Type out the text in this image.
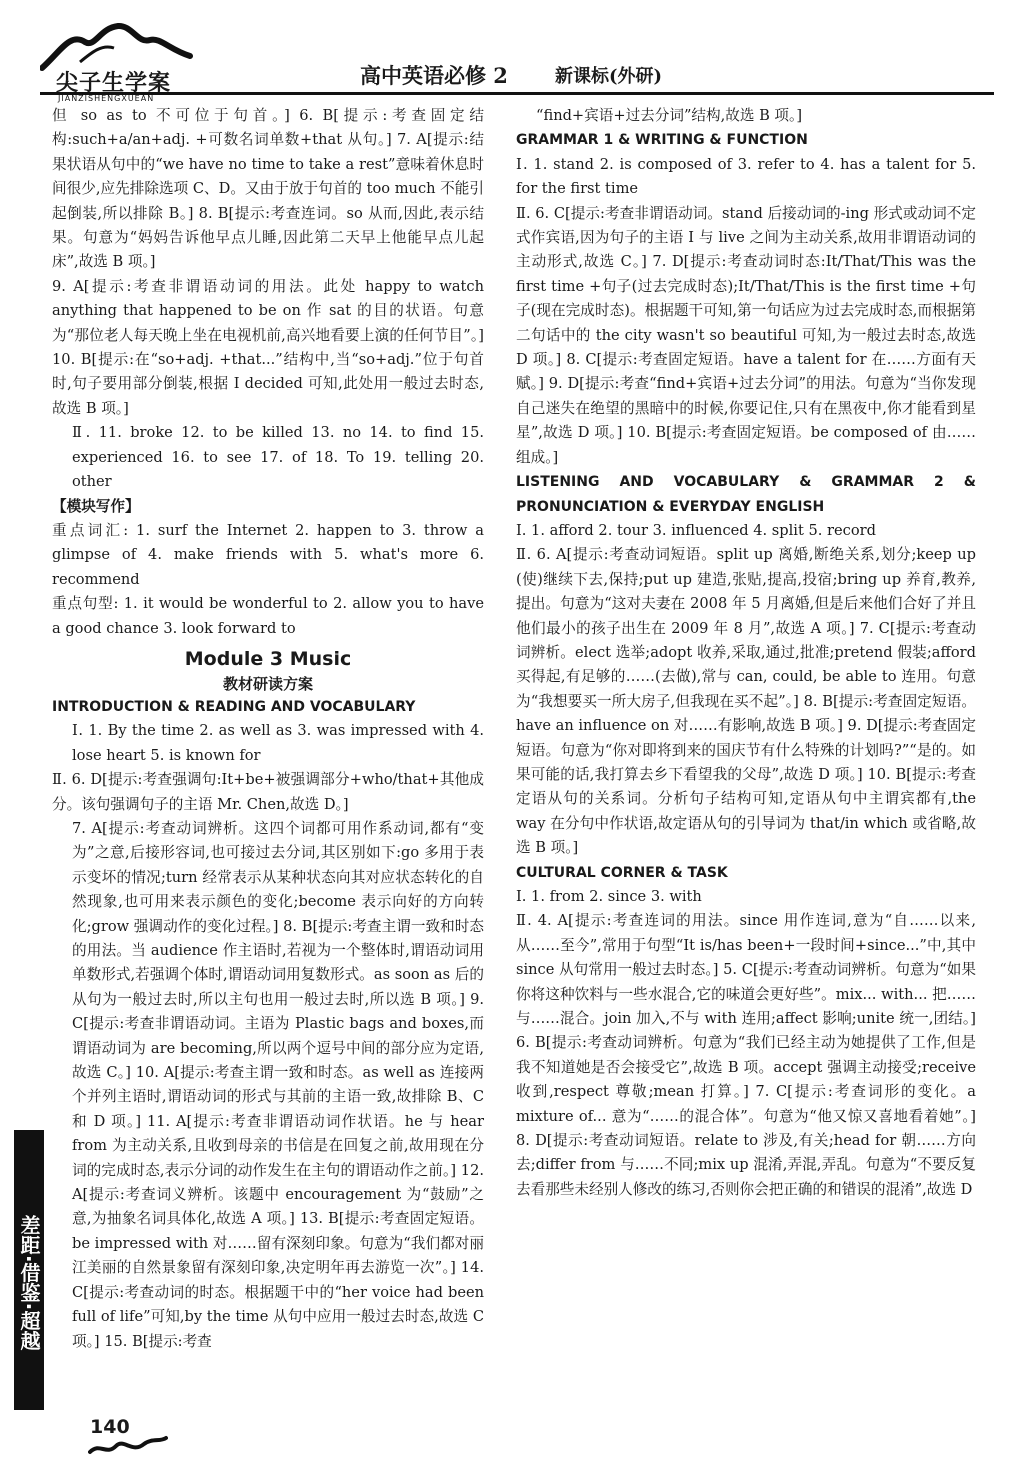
尖子生学案
JIANZISHENGXUEAN
高中英语必修 2	新课标(外研)

但 so as to 不可位于句首。] 6. B[提示:考查固定结构:such+a/an+adj. +可数名词单数+that 从句。] 7. A[提示:结果状语从句中的“we have no time to take a rest”意味着休息时间很少,应先排除选项 C、D。又由于放于句首的 too much 不能引起倒装,所以排除 B。] 8. B[提示:考查连词。so 从而,因此,表示结果。句意为“妈妈告诉他早点儿睡,因此第二天早上他能早点儿起床”,故选 B 项。]

9. A[提示:考查非谓语动词的用法。此处 happy to watch anything that happened to be on 作 sat 的目的状语。句意为“那位老人每天晚上坐在电视机前,高兴地看要上演的任何节目”。] 10. B[提示:在“so+adj. +that...”结构中,当“so+adj.”位于句首时,句子要用部分倒装,根据 I decided 可知,此处用一般过去时态,故选 B 项。]

Ⅱ. 11. broke 12. to be killed 13. no 14. to find 15. experienced 16. to see 17. of 18. To 19. telling 20. other

【模块写作】

重点词汇: 1. surf the Internet 2. happen to 3. throw a glimpse of 4. make friends with 5. what's more 6. recommend

重点句型: 1. it would be wonderful to 2. allow you to have a good chance 3. look forward to

Module 3 Music
教材研读方案

INTRODUCTION & READING AND VOCABULARY

Ⅰ. 1. By the time 2. as well as 3. was impressed with 4. lose heart 5. is known for

Ⅱ. 6. D[提示:考查强调句:It+be+被强调部分+who/that+其他成分。该句强调句子的主语 Mr. Chen,故选 D。]

7. A[提示:考查动词辨析。这四个词都可用作系动词,都有“变为”之意,后接形容词,也可接过去分词,其区别如下:go 多用于表示变坏的情况;turn 经常表示从某种状态向其对应状态转化的自然现象,也可用来表示颜色的变化;become 表示向好的方向转化;grow 强调动作的变化过程。] 8. B[提示:考查主谓一致和时态的用法。当 audience 作主语时,若视为一个整体时,谓语动词用单数形式,若强调个体时,谓语动词用复数形式。as soon as 后的从句为一般过去时,所以主句也用一般过去时,所以选 B 项。] 9. C[提示:考查非谓语动词。主语为 Plastic bags and boxes,而谓语动词为 are becoming,所以两个逗号中间的部分应为定语,故选 C。] 10. A[提示:考查主谓一致和时态。as well as 连接两个并列主语时,谓语动词的形式与其前的主语一致,故排除 B、C 和 D 项。] 11. A[提示:考查非谓语动词作状语。he 与 hear from 为主动关系,且收到母亲的书信是在回复之前,故用现在分词的完成时态,表示分词的动作发生在主句的谓语动作之前。] 12. A[提示:考查词义辨析。该题中 encouragement 为“鼓励”之意,为抽象名词具体化,故选 A 项。] 13. B[提示:考查固定短语。be impressed with 对……留有深刻印象。句意为“我们都对丽江美丽的自然景象留有深刻印象,决定明年再去游览一次”。] 14. C[提示:考查动词的时态。根据题干中的“her voice had been full of life”可知,by the time 从句中应用一般过去时态,故选 C 项。] 15. B[提示:考查

“find+宾语+过去分词”结构,故选 B 项。]

GRAMMAR 1 & WRITING & FUNCTION

Ⅰ. 1. stand 2. is composed of 3. refer to 4. has a talent for 5. for the first time

Ⅱ. 6. C[提示:考查非谓语动词。stand 后接动词的-ing 形式或动词不定式作宾语,因为句子的主语 I 与 live 之间为主动关系,故用非谓语动词的主动形式,故选 C。] 7. D[提示:考查动词时态:It/That/This was the first time +句子(过去完成时态);It/That/This is the first time +句子(现在完成时态)。根据题干可知,第一句话应为过去完成时态,而根据第二句话中的 the city wasn't so beautiful 可知,为一般过去时态,故选 D 项。] 8. C[提示:考查固定短语。have a talent for 在……方面有天赋。] 9. D[提示:考查“find+宾语+过去分词”的用法。句意为“当你发现自己迷失在绝望的黑暗中的时候,你要记住,只有在黑夜中,你才能看到星星”,故选 D 项。] 10. B[提示:考查固定短语。be composed of 由……组成。]

LISTENING AND VOCABULARY & GRAMMAR 2 & PRONUNCIATION & EVERYDAY ENGLISH

Ⅰ. 1. afford 2. tour 3. influenced 4. split 5. record

Ⅱ. 6. A[提示:考查动词短语。split up 离婚,断绝关系,划分;keep up (使)继续下去,保持;put up 建造,张贴,提高,投宿;bring up 养育,教养,提出。句意为“这对夫妻在 2008 年 5 月离婚,但是后来他们合好了并且他们最小的孩子出生在 2009 年 8 月”,故选 A 项。] 7. C[提示:考查动词辨析。elect 选举;adopt 收养,采取,通过,批准;pretend 假装;afford 买得起,有足够的……(去做),常与 can, could, be able to 连用。句意为“我想要买一所大房子,但我现在买不起”。] 8. B[提示:考查固定短语。have an influence on 对……有影响,故选 B 项。] 9. D[提示:考查固定短语。句意为“你对即将到来的国庆节有什么特殊的计划吗?”“是的。如果可能的话,我打算去乡下看望我的父母”,故选 D 项。] 10. B[提示:考查定语从句的关系词。分析句子结构可知,定语从句中主谓宾都有,the way 在分句中作状语,故定语从句的引导词为 that/in which 或省略,故选 B 项。]

CULTURAL CORNER & TASK

Ⅰ. 1. from 2. since 3. with

Ⅱ. 4. A[提示:考查连词的用法。since 用作连词,意为“自……以来,从……至今”,常用于句型“It is/has been+一段时间+since...”中,其中 since 从句常用一般过去时态。] 5. C[提示:考查动词辨析。句意为“如果你将这种饮料与一些水混合,它的味道会更好些”。mix... with... 把……与……混合。join 加入,不与 with 连用;affect 影响;unite 统一,团结。] 6. B[提示:考查动词辨析。句意为“我们已经主动为她提供了工作,但是我不知道她是否会接受它”,故选 B 项。accept 强调主动接受;receive 收到,respect 尊敬;mean 打算。] 7. C[提示:考查词形的变化。a mixture of... 意为“……的混合体”。句意为“他又惊又喜地看着她”。] 8. D[提示:考查动词短语。relate to 涉及,有关;head for 朝……方向去;differ from 与……不同;mix up 混淆,弄混,弄乱。句意为“不要反复去看那些未经别人修改的练习,否则你会把正确的和错误的混淆”,故选 D

差距·借鉴·超越
140
